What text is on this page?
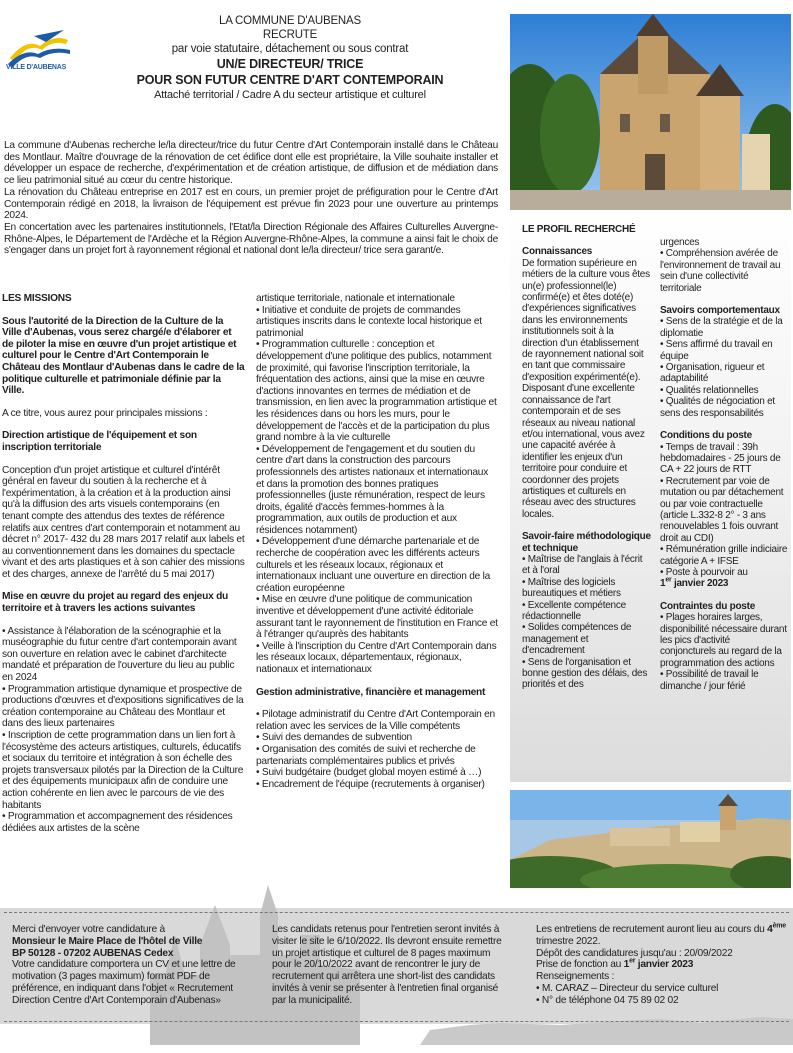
VILLE D'AUBENAS
LA COMMUNE D'AUBENAS
RECRUTE
par voie statutaire, détachement ou sous contrat
UN/E DIRECTEUR/ TRICE
POUR SON FUTUR CENTRE D'ART CONTEMPORAIN
Attaché territorial / Cadre A du secteur artistique et culturel

La commune d'Aubenas recherche le/la directeur/trice du futur Centre d'Art Contemporain installé dans le Château des Montlaur. Maître d'ouvrage de la rénovation de cet édifice dont elle est propriétaire, la Ville souhaite installer et développer un espace de recherche, d'expérimentation et de création artistique, de diffusion et de médiation dans ce lieu patrimonial situé au cœur du centre historique.

La rénovation du Château entreprise en 2017 est en cours, un premier projet de préfiguration pour le Centre d'Art Contemporain rédigé en 2018, la livraison de l'équipement est prévue fin 2023 pour une ouverture au printemps 2024.

En concertation avec les partenaires institutionnels, l'Etat/la Direction Régionale des Affaires Culturelles Auvergne-Rhône-Alpes, le Département de l'Ardèche et la Région Auvergne-Rhône-Alpes, la commune a ainsi fait le choix de s'engager dans un projet fort à rayonnement régional et national dont le/la directeur/ trice sera garant/e.

LES MISSIONS

Sous l'autorité de la Direction de la Culture de la Ville d'Aubenas, vous serez chargé/e d'élaborer et de piloter la mise en œuvre d'un projet artistique et culturel pour le Centre d'Art Contemporain le Château des Montlaur d'Aubenas dans le cadre de la politique culturelle et patrimoniale définie par la Ville.

A ce titre, vous aurez pour principales missions :

Direction artistique de l'équipement et son inscription territoriale

Conception d'un projet artistique et culturel d'intérêt général en faveur du soutien à la recherche et à l'expérimentation, à la création et à la production ainsi qu'à la diffusion des arts visuels contemporains (en tenant compte des attendus des textes de référence relatifs aux centres d'art contemporain et notamment au décret n° 2017- 432 du 28 mars 2017 relatif aux labels et au conventionnement dans les domaines du spectacle vivant et des arts plastiques et à son cahier des missions et des charges, annexe de l'arrêté du 5 mai 2017)

Mise en œuvre du projet au regard des enjeux du territoire et à travers les actions suivantes

• Assistance à l'élaboration de la scénographie et la muséographie du futur centre d'art contemporain avant son ouverture en relation avec le cabinet d'architecte mandaté et préparation de l'ouverture du lieu au public en 2024

• Programmation artistique dynamique et prospective de productions d'œuvres et d'expositions significatives de la création contemporaine au Château des Montlaur et dans des lieux partenaires

• Inscription de cette programmation dans un lien fort à l'écosystème des acteurs artistiques, culturels, éducatifs et sociaux du territoire et intégration à son échelle des projets transversaux pilotés par la Direction de la Culture et des équipements municipaux afin de conduire une action cohérente en lien avec le parcours de vie des habitants

• Programmation et accompagnement des résidences dédiées aux artistes de la scène

artistique territoriale, nationale et internationale

• Initiative et conduite de projets de commandes artistiques inscrits dans le contexte local historique et patrimonial

• Programmation culturelle : conception et développement d'une politique des publics, notamment de proximité, qui favorise l'inscription territoriale, la fréquentation des actions, ainsi que la mise en œuvre d'actions innovantes en termes de médiation et de transmission, en lien avec la programmation artistique et les résidences dans ou hors les murs, pour le développement de l'accès et de la participation du plus grand nombre à la vie culturelle

• Développement de l'engagement et du soutien du centre d'art dans la construction des parcours professionnels des artistes nationaux et internationaux et dans la promotion des bonnes pratiques professionnelles (juste rémunération, respect de leurs droits, égalité d'accès femmes-hommes à la programmation, aux outils de production et aux résidences notamment)

• Développement d'une démarche partenariale et de recherche de coopération avec les différents acteurs culturels et les réseaux locaux, régionaux et internationaux incluant une ouverture en direction de la création européenne

• Mise en œuvre d'une politique de communication inventive et développement d'une activité éditoriale assurant tant le rayonnement de l'institution en France et à l'étranger qu'auprès des habitants

• Veille à l'inscription du Centre d'Art Contemporain dans les réseaux locaux, départementaux, régionaux, nationaux et internationaux

Gestion administrative, financière et management

• Pilotage administratif du Centre d'Art Contemporain en relation avec les services de la Ville compétents

• Suivi des demandes de subvention

• Organisation des comités de suivi et recherche de partenariats complémentaires publics et privés

• Suivi budgétaire (budget global moyen estimé à …)

• Encadrement de l'équipe (recrutements à organiser)

LE PROFIL RECHERCHÉ

Connaissances

De formation supérieure en métiers de la culture vous êtes un(e) professionnel(le) confirmé(e) et êtes doté(e) d'expériences significatives dans les environnements institutionnels soit à la direction d'un établissement de rayonnement national soit en tant que commissaire d'exposition expérimenté(e).

Disposant d'une excellente connaissance de l'art contemporain et de ses réseaux au niveau national et/ou international, vous avez une capacité avérée à identifier les enjeux d'un territoire pour conduire et coordonner des projets artistiques et culturels en réseau avec des structures locales.

Savoir-faire méthodologique et technique

• Maîtrise de l'anglais à l'écrit et à l'oral

• Maîtrise des logiciels bureautiques et métiers

• Excellente compétence rédactionnelle

• Solides compétences de management et d'encadrement

• Sens de l'organisation et bonne gestion des délais, des priorités et des

urgences

• Compréhension avérée de l'environnement de travail au sein d'une collectivité territoriale

Savoirs comportementaux

• Sens de la stratégie et de la diplomatie

• Sens affirmé du travail en équipe

• Organisation, rigueur et adaptabilité

• Qualités relationnelles

• Qualités de négociation et sens des responsabilités

Conditions du poste

• Temps de travail : 39h hebdomadaires - 25 jours de CA + 22 jours de RTT

• Recrutement par voie de mutation ou par détachement ou par voie contractuelle (article L.332-8 2° - 3 ans renouvelables 1 fois ouvrant droit au CDI)

• Rémunération grille indiciaire catégorie A + IFSE

• Poste à pourvoir au

1er janvier 2023

Contraintes du poste

• Plages horaires larges, disponibilité nécessaire durant les pics d'activité conjoncturels au regard de la programmation des actions

• Possibilité de travail le dimanche / jour férié

Merci d'envoyer votre candidature à

Monsieur le Maire Place de l'hôtel de Ville

BP 50128 - 07202 AUBENAS Cedex

Votre candidature comportera un CV et une lettre de motivation (3 pages maximum) format PDF de préférence, en indiquant dans l'objet « Recrutement Direction Centre d'Art Contemporain d'Aubenas»

Les candidats retenus pour l'entretien seront invités à visiter le site le 6/10/2022. Ils devront ensuite remettre un projet artistique et culturel de 8 pages maximum pour le 20/10/2022 avant de rencontrer le jury de recrutement qui arrêtera une short-list des candidats invités à venir se présenter à l'entretien final organisé par la municipalité.

Les entretiens de recrutement auront lieu au cours du 4ème trimestre 2022.

Dépôt des candidatures jusqu'au : 20/09/2022

Prise de fonction au 1er janvier 2023

Renseignements :

• M. CARAZ – Directeur du service culturel

• N° de téléphone 04 75 89 02 02
